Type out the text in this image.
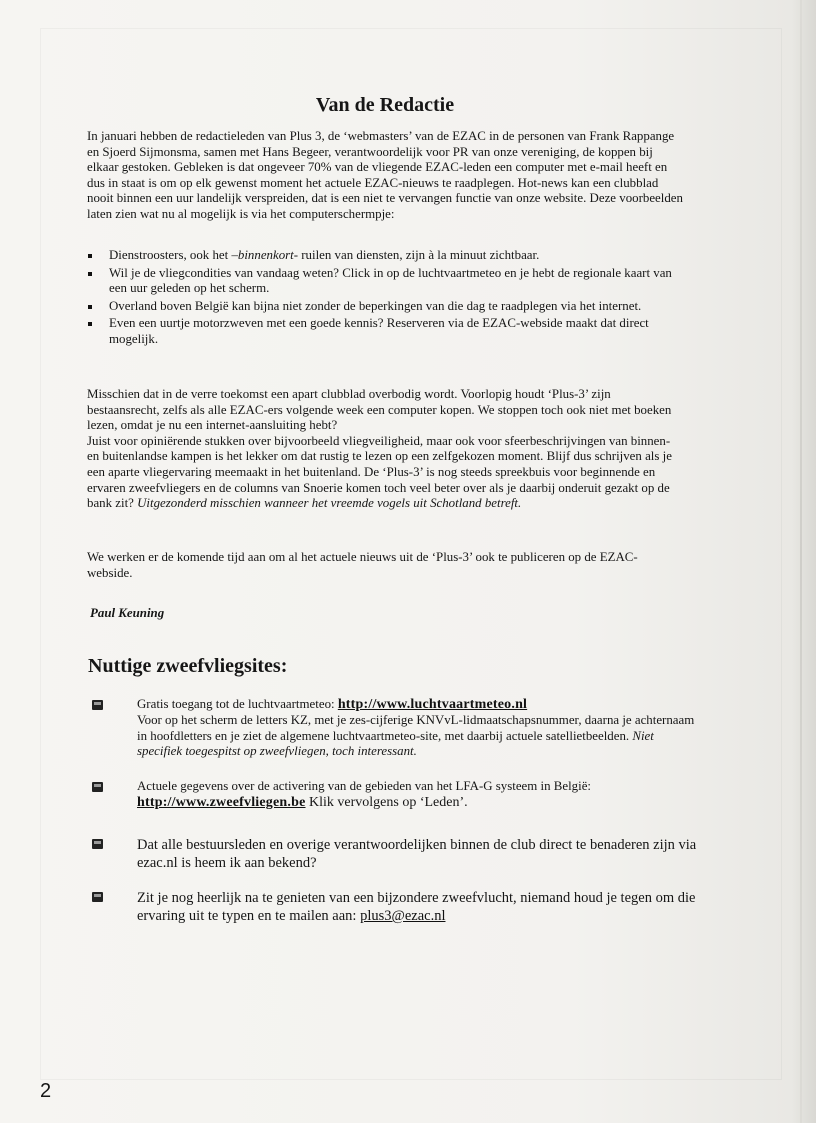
Van de Redactie

In januari hebben de redactieleden van Plus 3, de ‘webmasters’ van de EZAC in de personen van Frank Rappange en Sjoerd Sijmonsma, samen met Hans Begeer, verantwoordelijk voor PR van onze vereniging, de koppen bij elkaar gestoken. Gebleken is dat ongeveer 70% van de vliegende EZAC-leden een computer met e-mail heeft en dus in staat is om op elk gewenst moment het actuele EZAC-nieuws te raadplegen. Hot-news kan een clubblad nooit binnen een uur landelijk verspreiden, dat is een niet te vervangen functie van onze website. Deze voorbeelden laten zien wat nu al mogelijk is via het computerschermpje:

Dienstroosters, ook het –binnenkort- ruilen van diensten, zijn à la minuut zichtbaar.
Wil je de vliegcondities van vandaag weten? Click in op de luchtvaartmeteo en je hebt de regionale kaart van een uur geleden op het scherm.
Overland boven België kan bijna niet zonder de beperkingen van die dag te raadplegen via het internet.
Even een uurtje motorzweven met een goede kennis? Reserveren via de EZAC-webside maakt dat direct mogelijk.

Misschien dat in de verre toekomst een apart clubblad overbodig wordt. Voorlopig houdt ‘Plus-3’ zijn bestaansrecht, zelfs als alle EZAC-ers volgende week een computer kopen. We stoppen toch ook niet met boeken lezen, omdat je nu een internet-aansluiting hebt?
Juist voor opiniërende stukken over bijvoorbeeld vliegveiligheid, maar ook voor sfeerbeschrijvingen van binnen- en buitenlandse kampen is het lekker om dat rustig te lezen op een zelfgekozen moment. Blijf dus schrijven als je een aparte vliegervaring meemaakt in het buitenland. De ‘Plus-3’ is nog steeds spreekbuis voor beginnende en ervaren zweefvliegers en de columns van Snoerie komen toch veel beter over als je daarbij onderuit gezakt op de bank zit? Uitgezonderd misschien wanneer het vreemde vogels uit Schotland betreft.

We werken er de komende tijd aan om al het actuele nieuws uit de ‘Plus-3’ ook te publiceren op de EZAC-webside.

Paul Keuning

Nuttige zweefvliegsites:
Gratis toegang tot de luchtvaartmeteo: http://www.luchtvaartmeteo.nl
Voor op het scherm de letters KZ, met je zes-cijferige KNVvL-lidmaatschapsnummer, daarna je achternaam in hoofdletters en je ziet de algemene luchtvaartmeteo-site, met daarbij actuele satellietbeelden. Niet specifiek toegespitst op zweefvliegen, toch interessant.
Actuele gegevens over de activering van de gebieden van het LFA-G systeem in België:
http://www.zweefvliegen.be Klik vervolgens op ‘Leden’.
Dat alle bestuursleden en overige verantwoordelijken binnen de club direct te benaderen zijn via ezac.nl is heem ik aan bekend?
Zit je nog heerlijk na te genieten van een bijzondere zweefvlucht, niemand houd je tegen om die ervaring uit te typen en te mailen aan: plus3@ezac.nl

2
